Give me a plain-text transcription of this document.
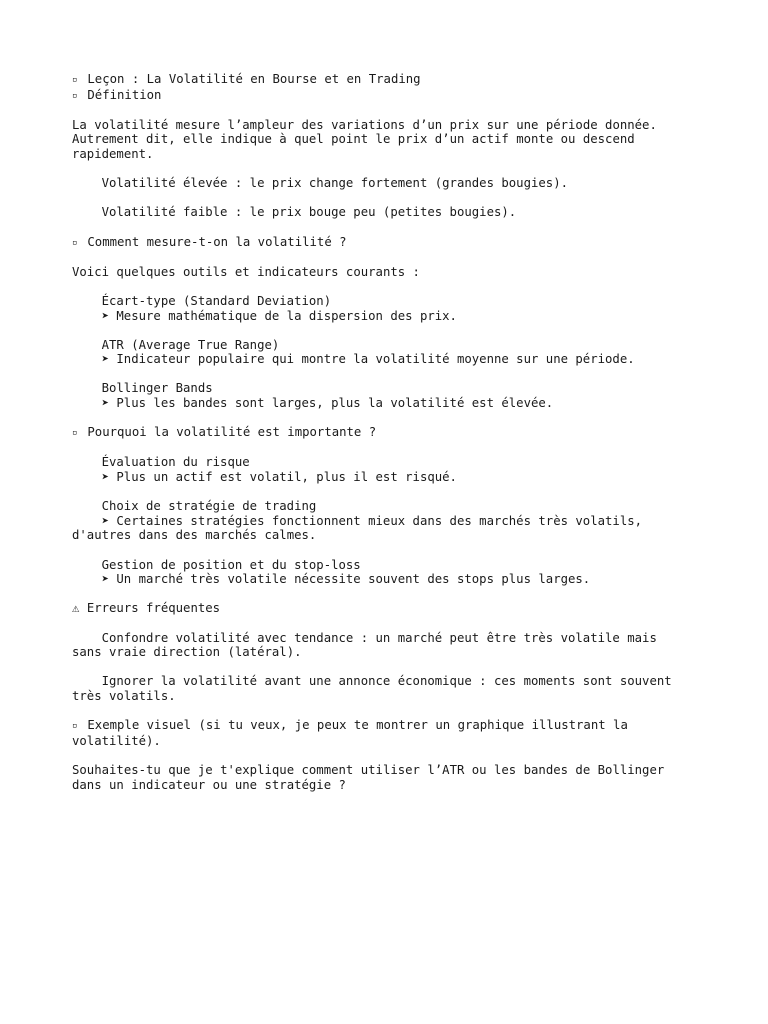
▫ Leçon : La Volatilité en Bourse et en Trading
▫ Définition
La volatilité mesure l’ampleur des variations d’un prix sur une période donnée.
Autrement dit, elle indique à quel point le prix d’un actif monte ou descend
rapidement.
Volatilité élevée : le prix change fortement (grandes bougies).
Volatilité faible : le prix bouge peu (petites bougies).
▫ Comment mesure-t-on la volatilité ?
Voici quelques outils et indicateurs courants :
Écart-type (Standard Deviation)
➤ Mesure mathématique de la dispersion des prix.
ATR (Average True Range)
➤ Indicateur populaire qui montre la volatilité moyenne sur une période.
Bollinger Bands
➤ Plus les bandes sont larges, plus la volatilité est élevée.
▫ Pourquoi la volatilité est importante ?
Évaluation du risque
➤ Plus un actif est volatil, plus il est risqué.
Choix de stratégie de trading
➤ Certaines stratégies fonctionnent mieux dans des marchés très volatils,
d'autres dans des marchés calmes.
Gestion de position et du stop-loss
➤ Un marché très volatile nécessite souvent des stops plus larges.
⚠ Erreurs fréquentes
Confondre volatilité avec tendance : un marché peut être très volatile mais
sans vraie direction (latéral).
Ignorer la volatilité avant une annonce économique : ces moments sont souvent
très volatils.
▫ Exemple visuel (si tu veux, je peux te montrer un graphique illustrant la
volatilité).
Souhaites-tu que je t'explique comment utiliser l’ATR ou les bandes de Bollinger
dans un indicateur ou une stratégie ?
